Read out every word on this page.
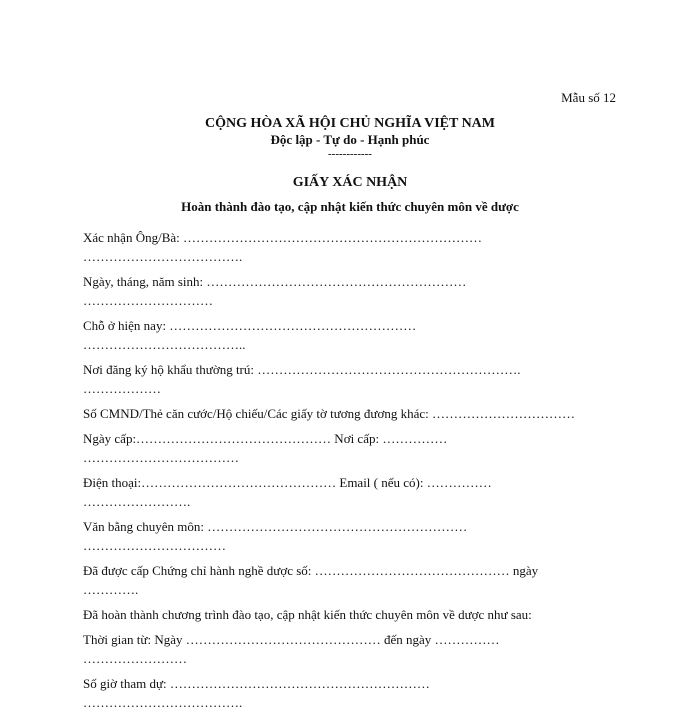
Mẫu số 12
CỘNG HÒA XÃ HỘI CHỦ NGHĨA VIỆT NAM
Độc lập - Tự do - Hạnh phúc
------------
GIẤY XÁC NHẬN
Hoàn thành đào tạo, cập nhật kiến thức chuyên môn về dược
Xác nhận Ông/Bà: ……………………………………………………………
……………………………….
Ngày, tháng, năm sinh: ……………………………………………………
…………………………
Chỗ ở hiện nay: …………………………………………………
………………………………..
Nơi đăng ký hộ khẩu thường trú: …………………………………………………….
………………
Số CMND/Thẻ căn cước/Hộ chiếu/Các giấy tờ tương đương khác: ……………………………
Ngày cấp:……………………………………… Nơi cấp: ……………
………………………………
Điện thoại:……………………………………… Email ( nếu có): ……………
…………………….
Văn bằng chuyên môn: ……………………………………………………
……………………………
Đã được cấp Chứng chỉ hành nghề dược số: ……………………………………… ngày
………….
Đã hoàn thành chương trình đào tạo, cập nhật kiến thức chuyên môn về dược như sau:
Thời gian từ: Ngày ……………………………………… đến ngày ……………
……………………
Số giờ tham dự: ……………………………………………………
……………………………….
